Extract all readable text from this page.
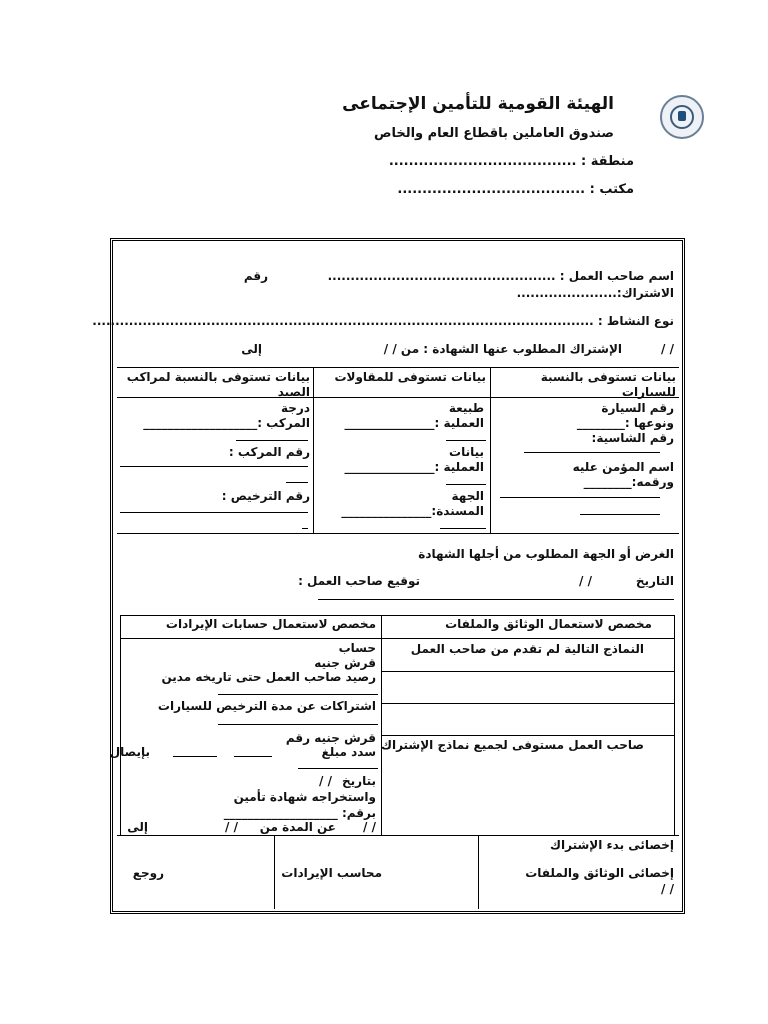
الهيئة القومية للتأمين الإجتماعى
صندوق العاملين باقطاع العام والخاص
منطقة : ......................................
مكتب : ......................................
اسم صاحب العمل : ..................................................
رقم
الاشتراك:......................
نوع النشاط : ..............................................................................................................
/ /
الإشتراك المطلوب عنها الشهادة : من / /
إلى
بيانات تستوفى بالنسبة للسيارات
بيانات تستوفى للمقاولات
بيانات تستوفى بالنسبة لمراكب الصيد
رقم السيارة
ونوعها :________
رقم الشاسية:
اسم المؤمن عليه
ورقمه:________
طبيعة
العملية :_______________
بيانات
العملية :_______________
الجهة
المسندة:_______________
درجة
المركب :___________________
رقم المركب :
رقم الترخيص :
الغرض أو الجهة المطلوب من أجلها الشهادة
التاريخ
/ /
توقيع صاحب العمل :
مخصص لاستعمال الوثائق والملفات
مخصص لاستعمال حسابات الإيرادات
النماذج التالية لم تقدم من صاحب العمل
صاحب العمل مستوفى لجميع نماذج الإشتراك
حساب
قرش جنيه
رصيد صاحب العمل حتى تاريخه مدين
اشتراكات عن مدة الترخيص للسيارات
قرش جنيه رقم
سدد مبلغ
بإيصال
بتاريخ
/ /
واستخراجه شهادة تأمين
برقم: ___________________
/ /
عن المدة من
/ /
إلى
إخصائى بدء الإشتراك
إخصائى الوثائق والملفات
/ /
محاسب الإيرادات
روجع
